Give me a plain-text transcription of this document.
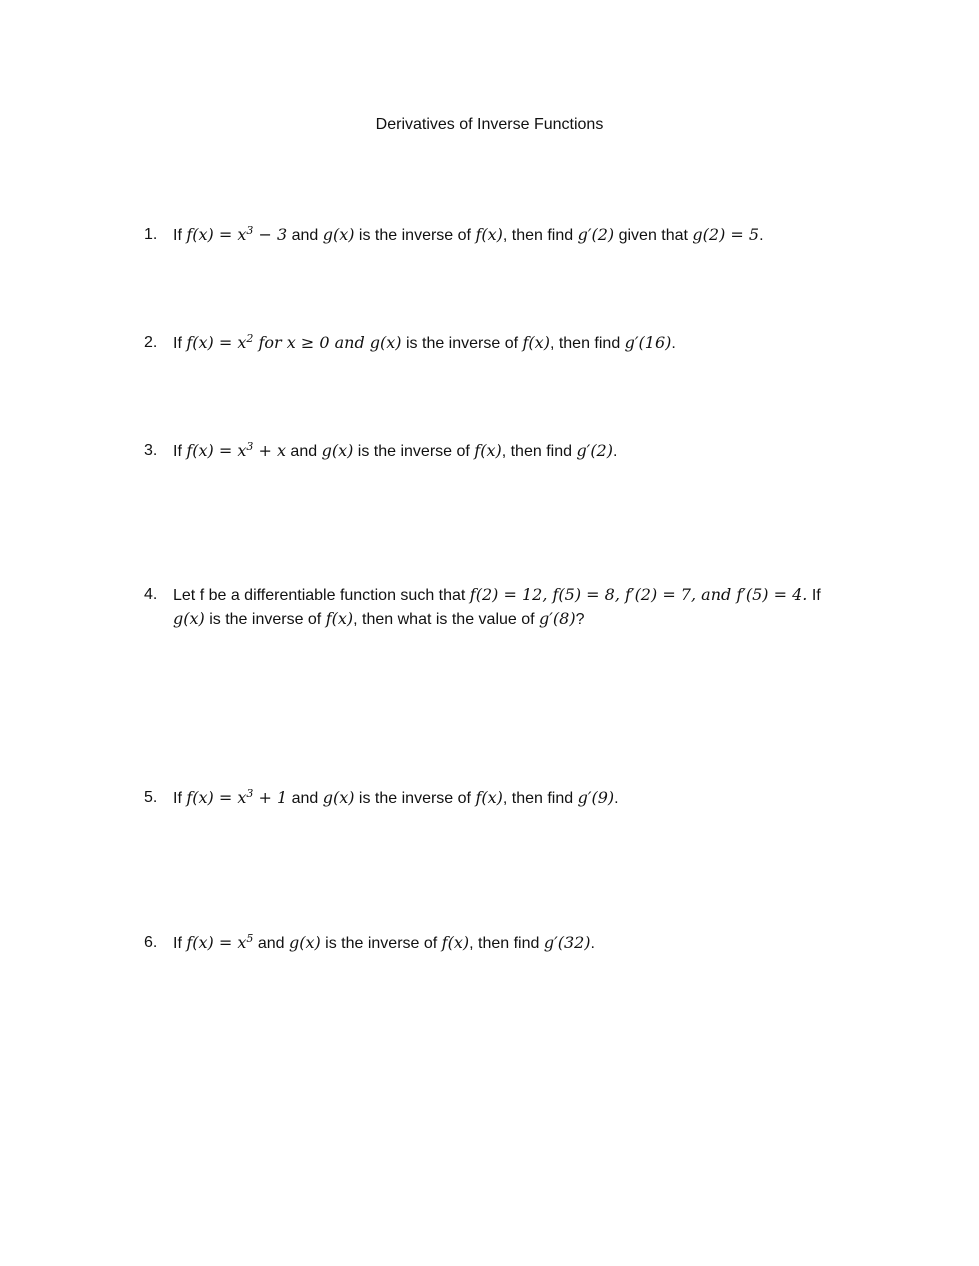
Derivatives of Inverse Functions
1. If $f(x) = x^3 - 3$ and g(x) is the inverse of f(x), then find g′(2) given that g(2) = 5.
2. If $f(x) = x^2$ for x ≥ 0 and g(x) is the inverse of f(x), then find g′(16).
3. If $f(x) = x^3 + x$ and g(x) is the inverse of f(x), then find g′(2).
4. Let f be a differentiable function such that f(2) = 12, f(5) = 8, f′(2) = 7, and f′(5) = 4. If
g(x) is the inverse of f(x), then what is the value of g′(8)?
5. If $f(x) = x^3 + 1$ and g(x) is the inverse of f(x), then find g′(9).
6. If $f(x) = x^5$ and g(x) is the inverse of f(x), then find g′(32).
